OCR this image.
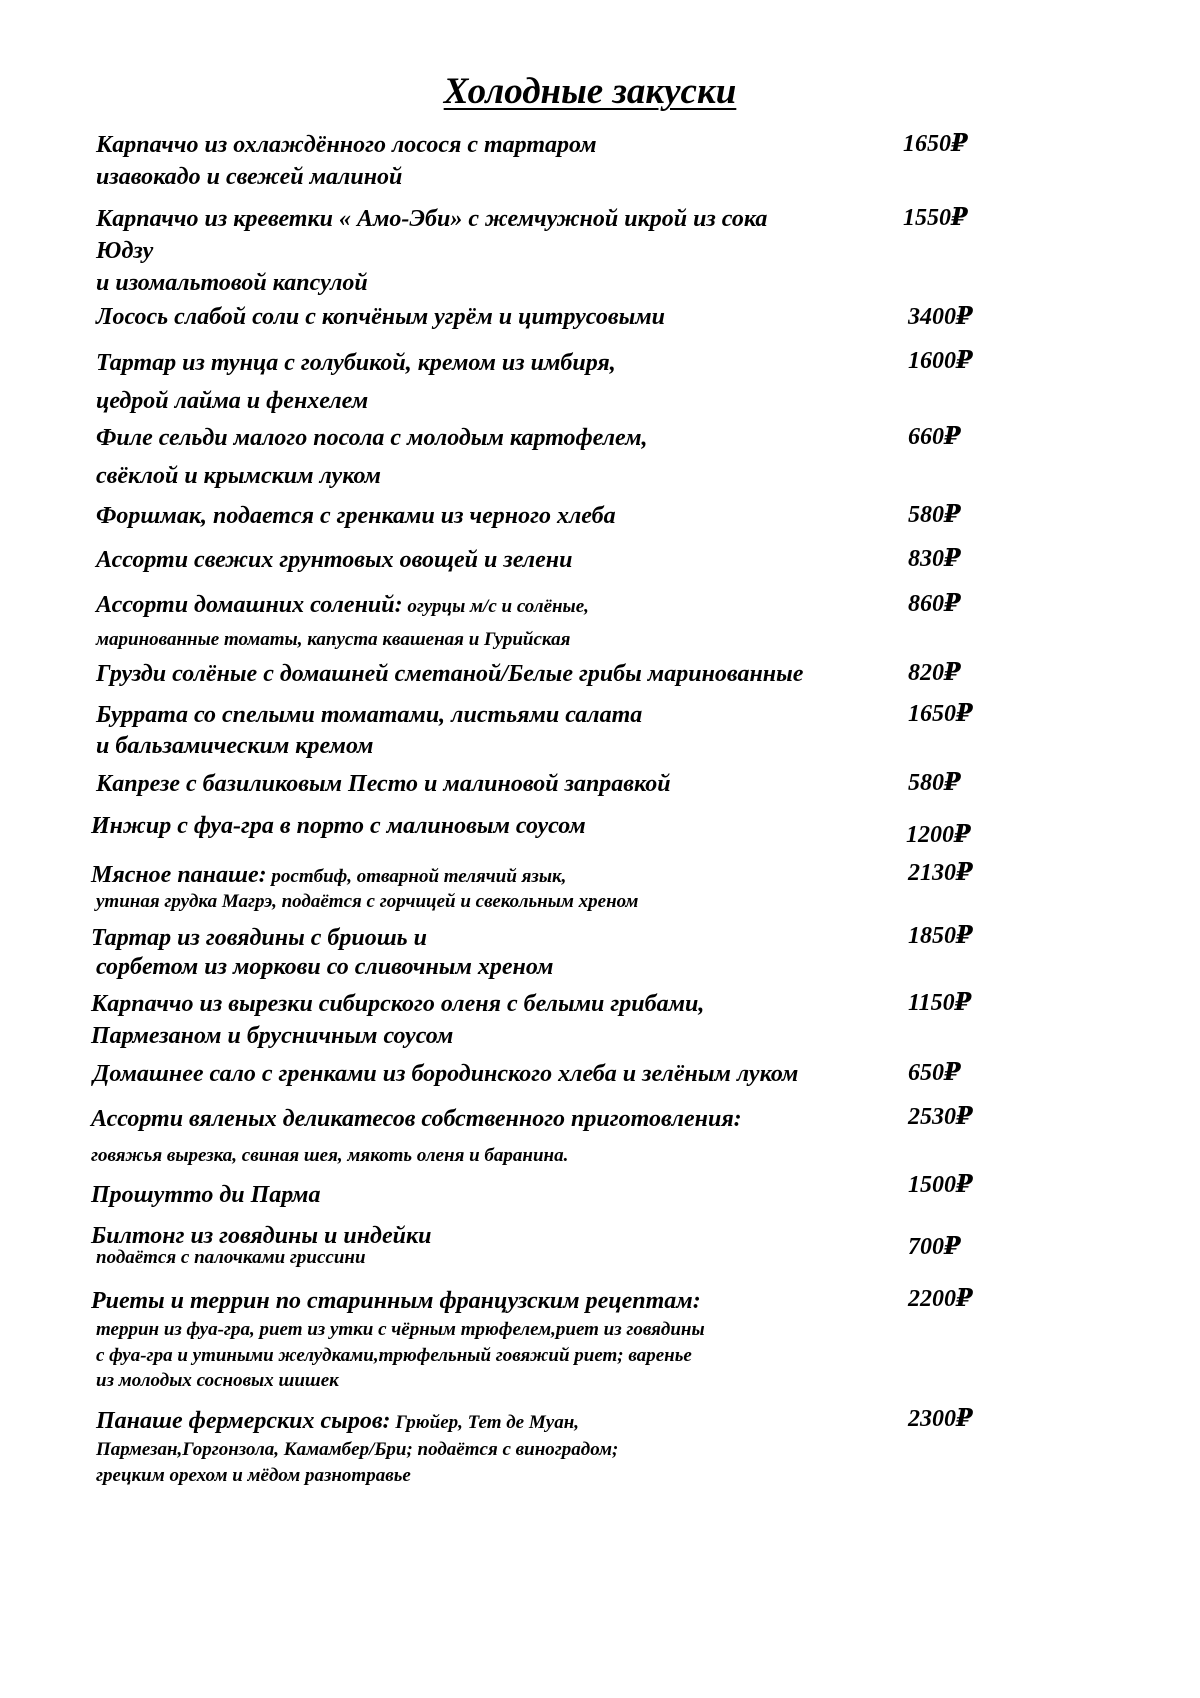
Холодные закуски
Карпаччо из охлаждённого лосося с тартаром
изавокадо и свежей малиной
1650₽
Карпаччо из креветки « Амо-Эби» с жемчужной икрой из сока
Юдзу
и изомальтовой капсулой
1550₽
Лосось слабой соли с копчёным угрём и цитрусовыми	3400₽
Тартар из тунца с голубикой, кремом из имбиря,
цедрой лайма и фенхелем
1600₽
Филе сельди малого посола с молодым картофелем,
свёклой и крымским луком
660₽
Форшмак, подается с гренками из черного хлеба	580₽
Ассорти свежих грунтовых овощей и зелени	830₽
Ассорти домашних солений: огурцы м/с и солёные,
маринованные томаты, капуста квашеная и Гурийская
860₽
Грузди солёные с домашней сметаной/Белые грибы маринованные	820₽
Буррата со спелыми томатами, листьями салата
и бальзамическим кремом
1650₽
Капрезе с базиликовым Песто и малиновой заправкой	580₽
Инжир с фуа-гра в порто с малиновым соусом	1200₽
Мясное панаше: ростбиф, отварной телячий язык,
утиная грудка Магрэ, подаётся с горчицей и свекольным хреном
2130₽
Тартар из говядины с бриошь и
сорбетом из моркови со сливочным хреном
1850₽
Карпаччо из вырезки сибирского оленя с белыми грибами,
Пармезаном и брусничным соусом
1150₽
Домашнее сало с гренками из бородинского хлеба и зелёным луком	650₽
Ассорти вяленых деликатесов собственного приготовления:
говяжья вырезка, свиная шея, мякоть оленя и баранина.
2530₽
Прошутто ди Парма	1500₽
Билтонг из говядины и индейки
подаётся с палочками гриссини	700₽
Риеты и террин по старинным французским рецептам:
террин из фуа-гра, риет из утки с чёрным трюфелем,риет из говядины
с фуа-гра и утиными желудками,трюфельный говяжий риет; варенье
из молодых сосновых шишек
2200₽
Панаше фермерских сыров: Грюйер, Тет де Муан,
Пармезан,Горгонзола, Камамбер/Бри; подаётся с виноградом;
грецким орехом и мёдом разнотравье
2300₽
